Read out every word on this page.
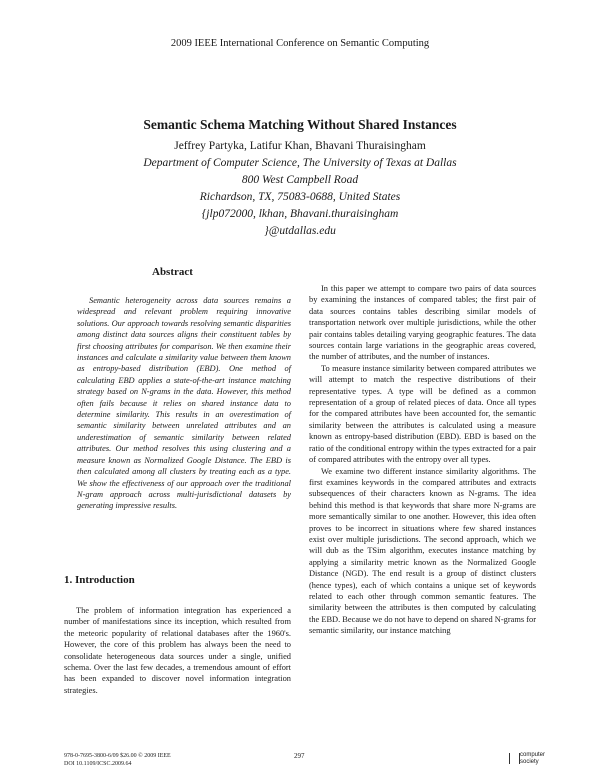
2009 IEEE International Conference on Semantic Computing
Semantic Schema Matching Without Shared Instances
Jeffrey Partyka, Latifur Khan, Bhavani Thuraisingham
Department of Computer Science, The University of Texas at Dallas
800 West Campbell Road
Richardson, TX, 75083-0688, United States
{jlp072000, lkhan, Bhavani.thuraisingham
}@utdallas.edu
Abstract

Semantic heterogeneity across data sources remains a widespread and relevant problem requiring innovative solutions. Our approach towards resolving semantic disparities among distinct data sources aligns their constituent tables by first choosing attributes for comparison. We then examine their instances and calculate a similarity value between them known as entropy-based distribution (EBD). One method of calculating EBD applies a state-of-the-art instance matching strategy based on N-grams in the data. However, this method often fails because it relies on shared instance data to determine similarity. This results in an overestimation of semantic similarity between unrelated attributes and an underestimation of semantic similarity between related attributes. Our method resolves this using clustering and a measure known as Normalized Google Distance. The EBD is then calculated among all clusters by treating each as a type. We show the effectiveness of our approach over the traditional N-gram approach across multi-jurisdictional datasets by generating impressive results.

1. Introduction

The problem of information integration has experienced a number of manifestations since its inception, which resulted from the meteoric popularity of relational databases after the 1960's. However, the core of this problem has always been the need to consolidate heterogeneous data sources under a single, unified schema. Over the last few decades, a tremendous amount of effort has been expanded to discover novel information integration strategies.

In this paper we attempt to compare two pairs of data sources by examining the instances of compared tables; the first pair of data sources contains tables describing similar models of transportation network over multiple jurisdictions, while the other pair contains tables detailing varying geographic features. The data sources contain large variations in the geographic areas covered, the number of attributes, and the number of instances.

To measure instance similarity between compared attributes we will attempt to match the respective distributions of their representative types. A type will be defined as a common representation of a group of related pieces of data. Once all types for the compared attributes have been accounted for, the semantic similarity between the attributes is calculated using a measure known as entropy-based distribution (EBD). EBD is based on the ratio of the conditional entropy within the types extracted for a pair of compared attributes with the entropy over all types.

We examine two different instance similarity algorithms. The first examines keywords in the compared attributes and extracts subsequences of their characters known as N-grams. The idea behind this method is that keywords that share more N-grams are more semantically similar to one another. However, this idea often proves to be incorrect in situations where few shared instances exist over multiple jurisdictions. The second approach, which we will dub as the TSim algorithm, executes instance matching by applying a similarity metric known as the Normalized Google Distance (NGD). The end result is a group of distinct clusters (hence types), each of which contains a unique set of keywords related to each other through common semantic features. The similarity between the attributes is then computed by calculating the EBD. Because we do not have to depend on shared N-grams for semantic similarity, our instance matching

978-0-7695-3800-6/09 $26.00 © 2009 IEEE
DOI 10.1109/ICSC.2009.64
297	computer
society
